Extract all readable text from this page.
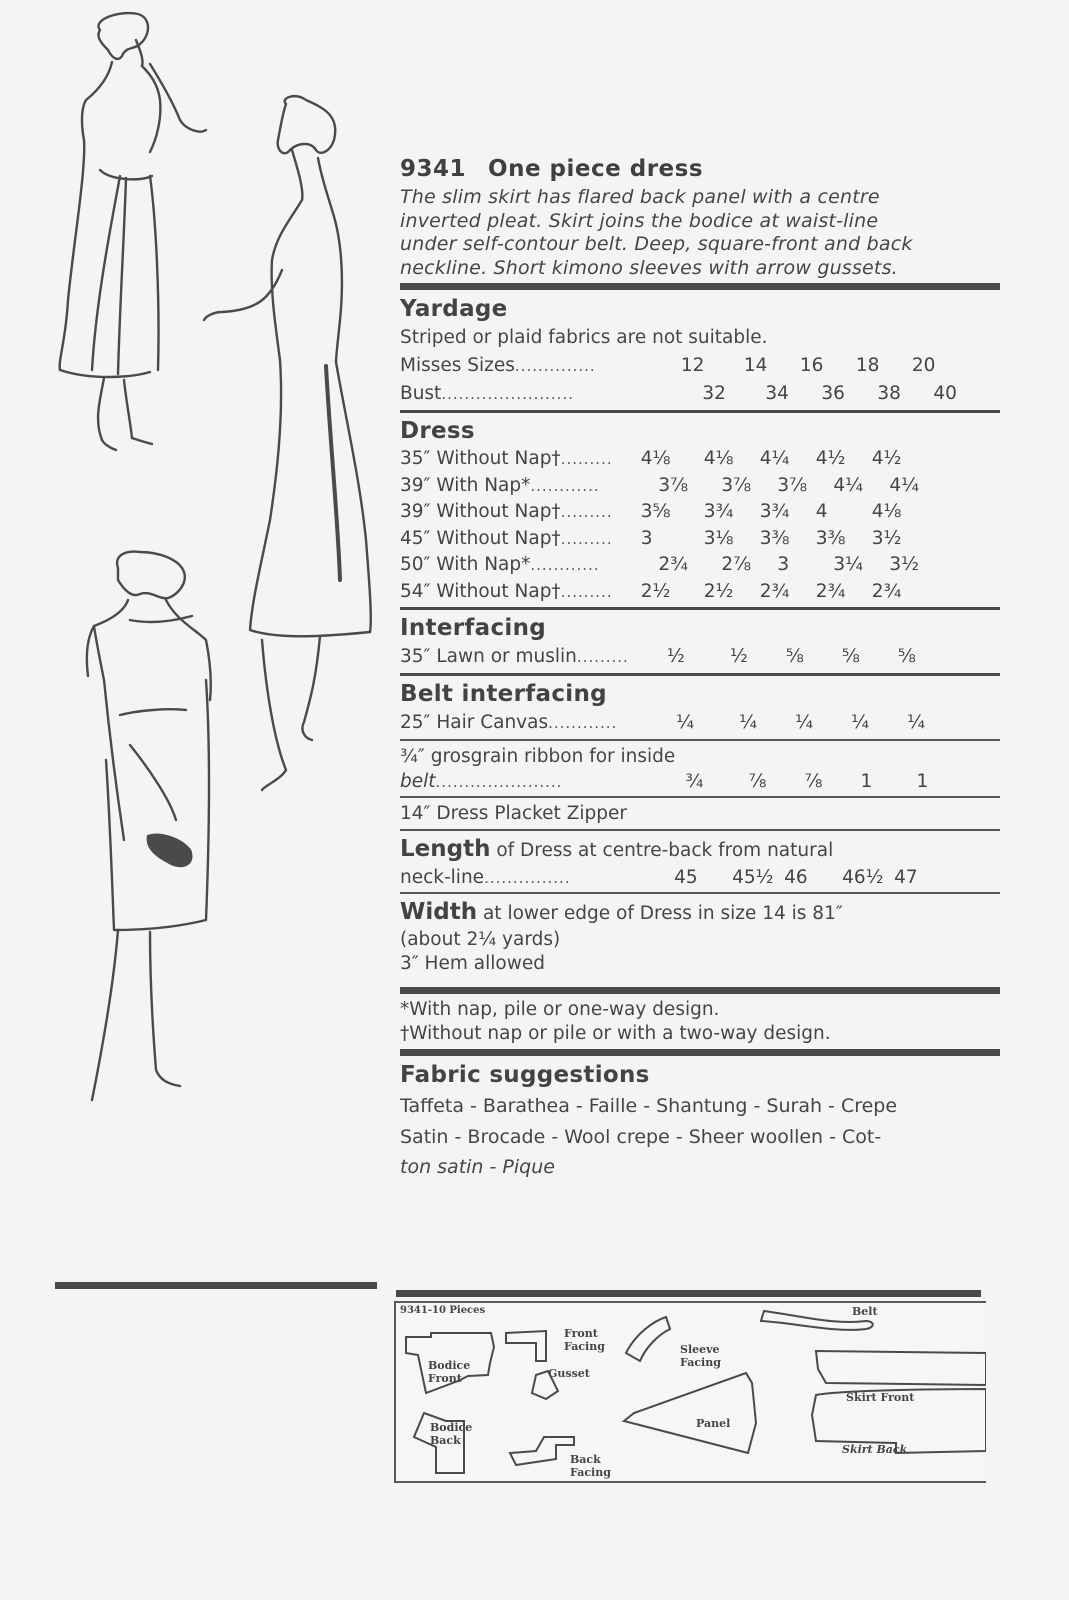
9341 One piece dress
The slim skirt has flared back panel with a centre
inverted pleat. Skirt joins the bodice at waist-line
under self-contour belt. Deep, square-front and back
neckline. Short kimono sleeves with arrow gussets.
Yardage
Striped or plaid fabrics are not suitable.
Misses Sizes ..............	12	14	16	18	20
Bust .......................	32	34	36	38	40
Dress
35″ Without Nap† .........	4⅛	4⅛	4¼	4½	4½
39″ With Nap* ............	3⅞	3⅞	3⅞	4¼	4¼
39″ Without Nap† .........	3⅝	3¾	3¾	4	4⅛
45″ Without Nap† .........	3	3⅛	3⅜	3⅜	3½
50″ With Nap* ............	2¾	2⅞	3	3¼	3½
54″ Without Nap† .........	2½	2½	2¾	2¾	2¾
Interfacing
35″ Lawn or muslin .........	½	½	⅝	⅝	⅝
Belt interfacing
25″ Hair Canvas ............	¼	¼	¼	¼	¼
¾″ grosgrain ribbon for inside
belt ......................	¾	⅞	⅞	1	1
14″ Dress Placket Zipper
Length of Dress at centre-back from natural
neck-line ...............	45	45½ 46	46½ 47
Width at lower edge of Dress in size 14 is 81″
(about 2¼ yards)
3″ Hem allowed
*With nap, pile or one-way design.
†Without nap or pile or with a two-way design.
Fabric suggestions
Taffeta - Barathea - Faille - Shantung - Surah - Crepe
Satin - Brocade - Wool crepe - Sheer woollen - Cot-
ton satin - Pique
9341-10 Pieces
Bodice
Front
Front
Facing	Sleeve
Facing
Belt
Gusset
Skirt Front
Panel
Skirt Back
Bodice
Back
Back
Facing
